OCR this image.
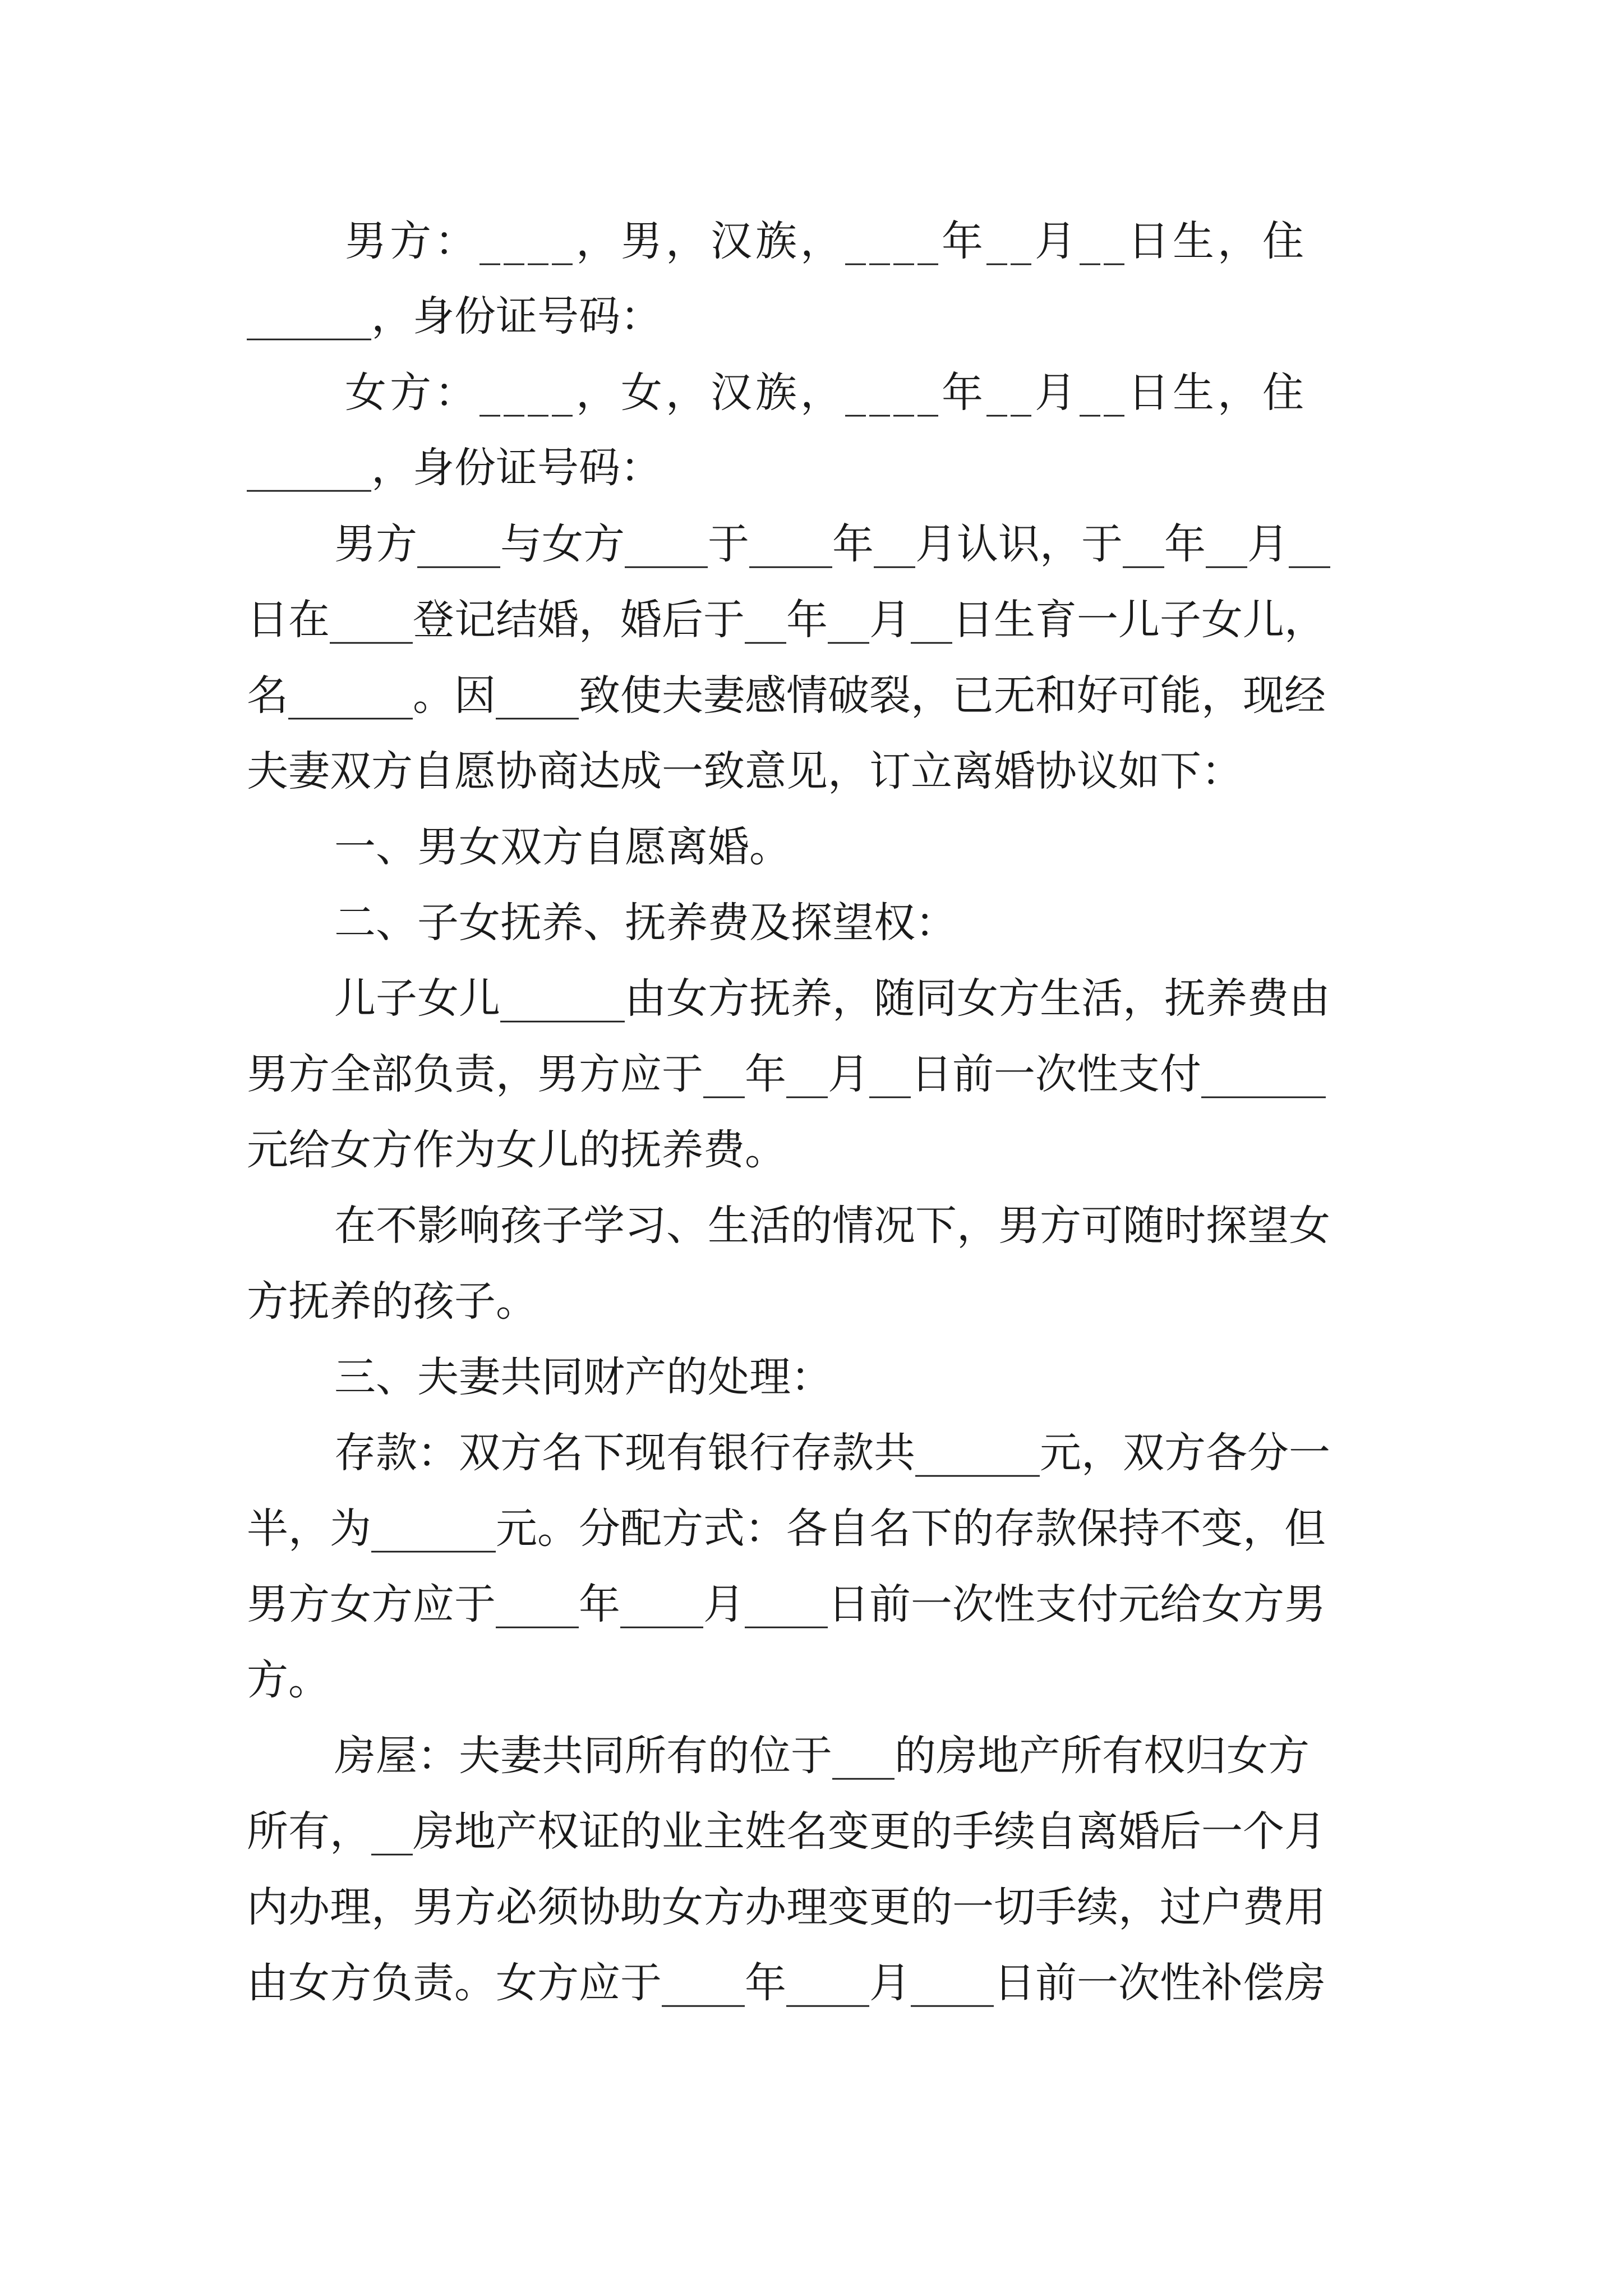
男方：____，男，汉族，____年__月__日生，住
______，身份证号码：
女方：____，女，汉族，____年__月__日生，住
______，身份证号码：
男方____与女方____于____年__月认识，于__年__月__
日在____登记结婚，婚后于__年__月__日生育一儿子女儿，
名______。因____致使夫妻感情破裂，已无和好可能，现经
夫妻双方自愿协商达成一致意见，订立离婚协议如下：
一、男女双方自愿离婚。
二、子女抚养、抚养费及探望权：
儿子女儿______由女方抚养，随同女方生活，抚养费由
男方全部负责，男方应于__年__月__日前一次性支付______
元给女方作为女儿的抚养费。
在不影响孩子学习、生活的情况下，男方可随时探望女
方抚养的孩子。
三、夫妻共同财产的处理：
存款：双方名下现有银行存款共______元，双方各分一
半，为______元。分配方式：各自名下的存款保持不变，但
男方女方应于____年____月____日前一次性支付元给女方男
方。
房屋：夫妻共同所有的位于___的房地产所有权归女方
所有，__房地产权证的业主姓名变更的手续自离婚后一个月
内办理，男方必须协助女方办理变更的一切手续，过户费用
由女方负责。女方应于____年____月____日前一次性补偿房
